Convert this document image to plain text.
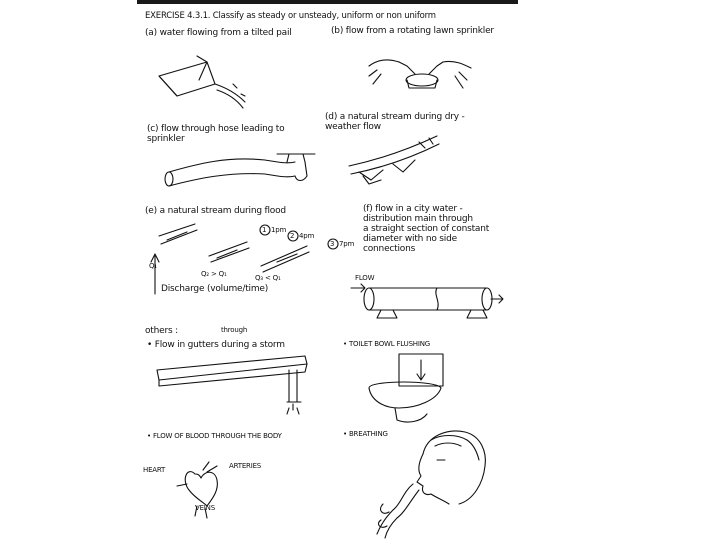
EXERCISE 4.3.1. Classify as steady or unsteady, uniform or non uniform
(a) water flowing from a tilted pail	(b) flow from a rotating lawn sprinkler
(c) flow through hose leading to
sprinkler
(d) a natural stream during dry -
weather flow
(e) a natural stream during flood	(f) flow in a city water -
distribution main through
a straight section of constant
diameter with no side
connections
1 1pm
2 4pm
3 7pm
Q₁
Q₂ > Q₁	Q₃ < Q₁
Discharge (volume/time)
FLOW
through
others :
• Flow in gutters during a storm	• TOILET BOWL FLUSHING
• FLOW OF BLOOD THROUGH THE BODY	• BREATHING
HEART	ARTERIES
VEINS
